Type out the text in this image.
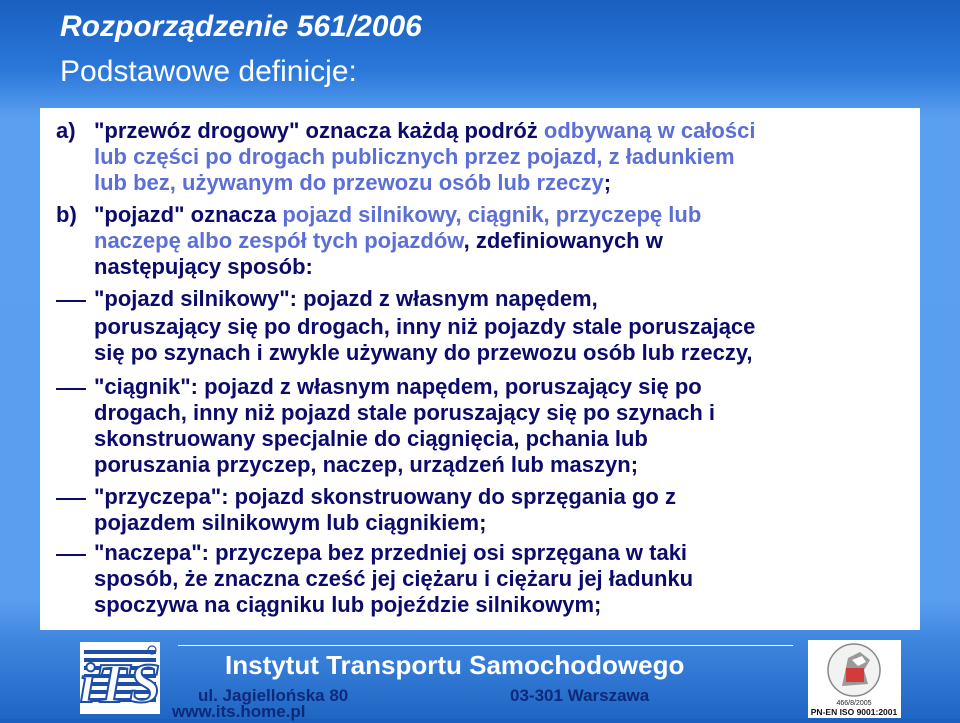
Rozporządzenie 561/2006
Podstawowe definicje:

a) "przewóz drogowy" oznacza każdą podróż odbywaną w całości

lub części po drogach publicznych przez pojazd, z ładunkiem

lub bez, używanym do przewozu osób lub rzeczy;

b) "pojazd" oznacza pojazd silnikowy, ciągnik, przyczepę lub

naczepę albo zespół tych pojazdów, zdefiniowanych w

następujący sposób:

"pojazd silnikowy": pojazd z własnym napędem,

poruszający się po drogach, inny niż pojazdy stale poruszające

się po szynach i zwykle używany do przewozu osób lub rzeczy,

"ciągnik": pojazd z własnym napędem, poruszający się po

drogach, inny niż pojazd stale poruszający się po szynach i

skonstruowany specjalnie do ciągnięcia, pchania lub

poruszania przyczep, naczep, urządzeń lub maszyn;

"przyczepa": pojazd skonstruowany do sprzęgania go z

pojazdem silnikowym lub ciągnikiem;

"naczepa": przyczepa bez przedniej osi sprzęgana w taki

sposób, że znaczna cześć jej ciężaru i ciężaru jej ładunku

spoczywa na ciągniku lub pojeździe silnikowym;

iTS Instytut Transportu Samochodowego

ul. Jagiellońska 80	03-301 Warszawa

www.its.home.pl	466/8/2005
PN-EN ISO 9001:2001
